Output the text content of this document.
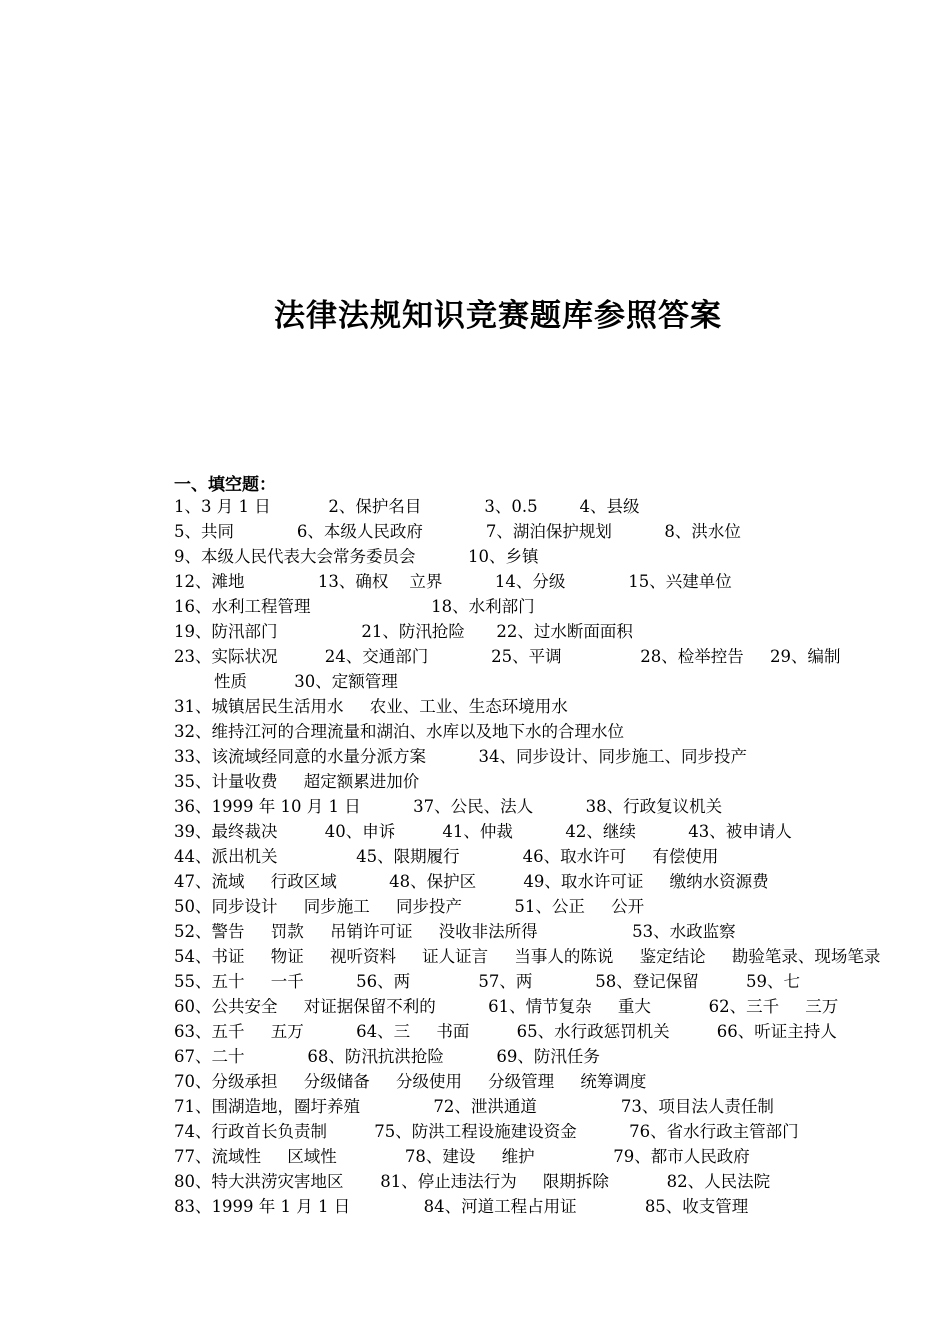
法律法规知识竞赛题库参照答案
一、填空题：
1、3 月 1 日           2、保护名目            3、0.5        4、县级
5、共同            6、本级人民政府            7、湖泊保护规划          8、洪水位
9、本级人民代表大会常务委员会          10、乡镇
12、滩地              13、确权    立界          14、分级            15、兴建单位
16、水利工程管理                       18、水利部门
19、防汛部门                21、防汛抢险      22、过水断面面积
23、实际状况         24、交通部门            25、平调               28、检举控告     29、编制
性质         30、定额管理
31、城镇居民生活用水     农业、工业、生态环境用水
32、维持江河的合理流量和湖泊、水库以及地下水的合理水位
33、该流域经同意的水量分派方案          34、同步设计、同步施工、同步投产
35、计量收费     超定额累进加价
36、1999 年 10 月 1 日          37、公民、法人          38、行政复议机关
39、最终裁决         40、申诉         41、仲裁          42、继续          43、被申请人
44、派出机关               45、限期履行            46、取水许可     有偿使用
47、流域     行政区域          48、保护区         49、取水许可证     缴纳水资源费
50、同步设计     同步施工     同步投产          51、公正     公开
52、警告     罚款     吊销许可证     没收非法所得                  53、水政监察
54、书证     物证     视听资料     证人证言     当事人的陈说     鉴定结论     勘验笔录、现场笔录
55、五十     一千          56、两             57、两            58、登记保留         59、七
60、公共安全     对证据保留不利的          61、情节复杂     重大           62、三千     三万
63、五千     五万          64、三     书面         65、水行政惩罚机关         66、听证主持人
67、二十            68、防汛抗洪抢险          69、防汛任务
70、分级承担     分级储备     分级使用     分级管理     统筹调度
71、围湖造地，圈圩养殖              72、泄洪通道                73、项目法人责任制
74、行政首长负责制         75、防洪工程设施建设资金          76、省水行政主管部门
77、流域性     区域性             78、建设     维护               79、都市人民政府
80、特大洪涝灾害地区       81、停止违法行为     限期拆除           82、人民法院
83、1999 年 1 月 1 日              84、河道工程占用证             85、收支管理
